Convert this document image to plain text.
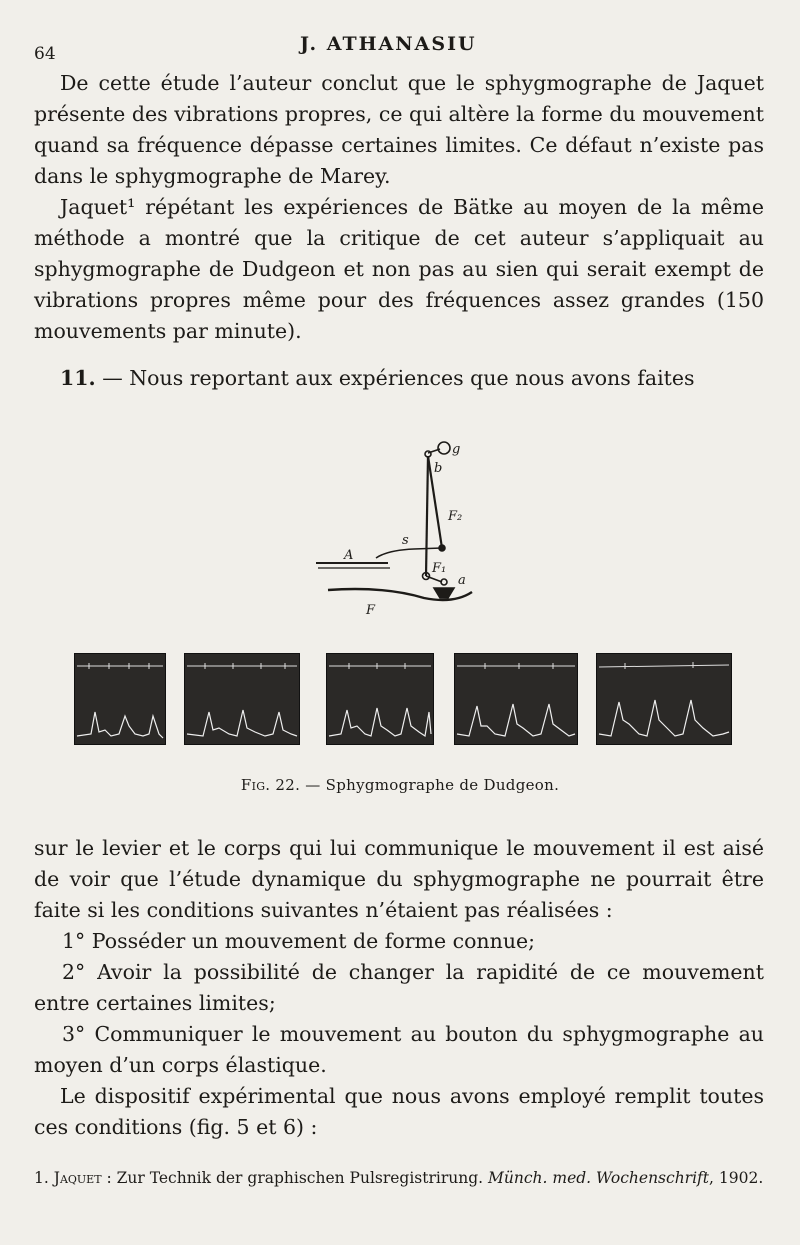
64	J. ATHANASIU

De cette étude l’auteur conclut que le sphygmographe de Jaquet présente des vibrations propres, ce qui altère la forme du mouvement quand sa fréquence dépasse certaines limites. Ce défaut n’existe pas dans le sphygmographe de Marey.

Jaquet¹ répétant les expériences de Bätke au moyen de la même méthode a montré que la critique de cet auteur s’appliquait au sphygmographe de Dudgeon et non pas au sien qui serait exempt de vibrations propres même pour des fréquences assez grandes (150 mouvements par minute).

11. — Nous reportant aux expériences que nous avons faites

g
b
F₂
A
s
F₁
a
F
Fig. 22. — Sphygmographe de Dudgeon.

sur le levier et le corps qui lui communique le mouvement il est aisé de voir que l’étude dynamique du sphygmographe ne pourrait être faite si les conditions suivantes n’étaient pas réalisées :

1° Posséder un mouvement de forme connue;

2° Avoir la possibilité de changer la rapidité de ce mouvement entre certaines limites;

3° Communiquer le mouvement au bouton du sphygmographe au moyen d’un corps élastique.

Le dispositif expérimental que nous avons employé remplit toutes ces conditions (fig. 5 et 6) :

1. Jaquet : Zur Technik der graphischen Pulsregistrirung. Münch. med. Wochenschrift, 1902.
